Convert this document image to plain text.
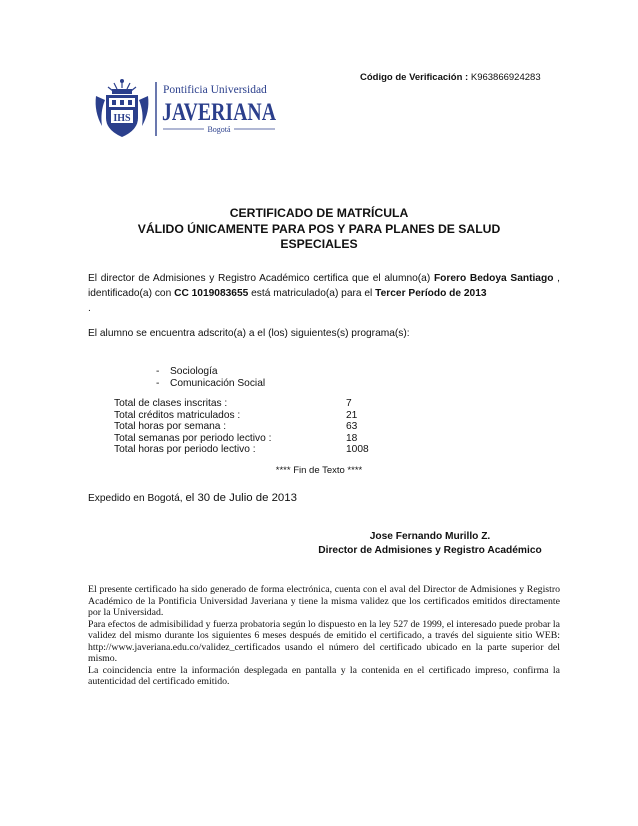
Código de Verificación : K963866924283
IHS
Pontificia Universidad
JAVERIANA
Bogotá
CERTIFICADO DE MATRÍCULA
VÁLIDO ÚNICAMENTE PARA POS Y PARA PLANES DE SALUD
ESPECIALES
El director de Admisiones y Registro Académico certifica que el alumno(a) Forero Bedoya Santiago , identificado(a) con CC 1019083655 está matriculado(a) para el Tercer Período de 2013
.
El alumno se encuentra adscrito(a) a el (los) siguientes(s) programa(s):
- Sociología
- Comunicación Social
Total de clases inscritas :	7
Total créditos matriculados :	21
Total horas por semana :	63
Total semanas por periodo lectivo :	18
Total horas por periodo lectivo :	1008
**** Fin de Texto ****
Expedido en Bogotá, el 30 de Julio de 2013
Jose Fernando Murillo Z.
Director de Admisiones y Registro Académico

El presente certificado ha sido generado de forma electrónica, cuenta con el aval del Director de Admisiones y Registro Académico de la Pontificia Universidad Javeriana y tiene la misma validez que los certificados emitidos directamente por la Universidad.

Para efectos de admisibilidad y fuerza probatoria según lo dispuesto en la ley 527 de 1999, el interesado puede probar la validez del mismo durante los siguientes 6 meses después de emitido el certificado, a través del siguiente sitio WEB: http://www.javeriana.edu.co/validez_certificados usando el número del certificado ubicado en la parte superior del mismo.

La coincidencia entre la información desplegada en pantalla y la contenida en el certificado impreso, confirma la autenticidad del certificado emitido.
